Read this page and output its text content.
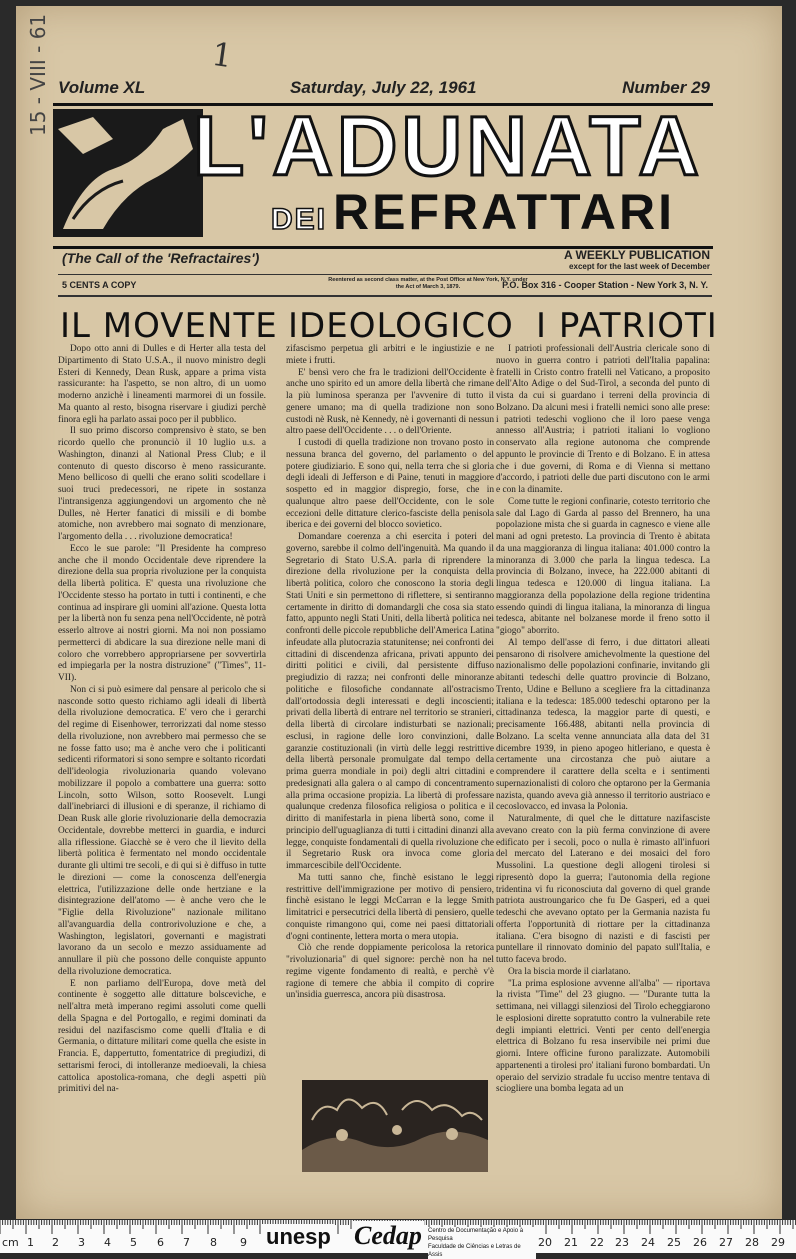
1
15 - VIII - 61 Volume XL	Saturday, July 22, 1961	Number 29
L'ADUNATA
DEI REFRATTARI
(The Call of the 'Refractaires')	A WEEKLY PUBLICATION
except for the last week of December
5 CENTS A COPY	Reentered as second class matter, at the Post Office at New York, N.Y. under the Act of March 3, 1879.	P.O. Box 316 - Cooper Station - New York 3, N. Y.
IL MOVENTE IDEOLOGICO I PATRIOTI

Dopo otto anni di Dulles e di Herter alla testa del Dipartimento di Stato U.S.A., il nuovo ministro degli Esteri di Kennedy, Dean Rusk, appare a prima vista rassicurante: ha l'aspetto, se non altro, di un uomo moderno anzichè i lineamenti marmorei di un fossile. Ma quanto al resto, bisogna riservare i giudizi perchè finora egli ha parlato assai poco per il pubblico.

Il suo primo discorso comprensivo è stato, se ben ricordo quello che pronunciò il 10 luglio u.s. a Washington, dinanzi al National Press Club; e il contenuto di questo discorso è meno rassicurante. Meno bellicoso di quelli che erano soliti scodellare i suoi truci predecessori, ne ripete in sostanza l'intransigenza aggiungendovi un argomento che nè Dulles, nè Herter fanatici di missili e di bombe atomiche, non avrebbero mai sognato di menzionare, l'argomento della . . . rivoluzione democratica!

Ecco le sue parole: "Il Presidente ha compreso anche che il mondo Occidentale deve riprendere la direzione della sua propria rivoluzione per la conquista della libertà politica. E' questa una rivoluzione che l'Occidente stesso ha portato in tutti i continenti, e che continua ad inspirare gli uomini all'azione. Questa lotta per la libertà non fu senza pena nell'Occidente, nè potrà esserlo altrove ai nostri giorni. Ma noi non possiamo permetterci di abdicare la sua direzione nelle mani di coloro che vorrebbero appropriarsene per sovvertirla ed impiegarla per la nostra distruzione" ("Times", 11-VII).

Non ci si può esimere dal pensare al pericolo che si nasconde sotto questo richiamo agli ideali di libertà della rivoluzione democratica. E' vero che i gerarchi del regime di Eisenhower, terrorizzati dal nome stesso della rivoluzione, non avrebbero mai permesso che se ne fosse fatto uso; ma è anche vero che i politicanti sedicenti riformatori si sono sempre e soltanto ricordati dell'ideologia rivoluzionaria quando volevano mobilizzare il popolo a combattere una guerra: sotto Lincoln, sotto Wilson, sotto Roosevelt. Lungi dall'inebriarci di illusioni e di speranze, il richiamo di Dean Rusk alle glorie rivoluzionarie della democrazia Occidentale, dovrebbe metterci in guardia, e indurci alla riflessione. Giacchè se è vero che il lievito della libertà politica è fermentato nel mondo occidentale durante gli ultimi tre secoli, e di qui si è diffuso in tutte le direzioni — come la conoscenza dell'energia elettrica, l'utilizzazione delle onde hertziane e la disintegrazione dell'atomo — è anche vero che le "Figlie della Rivoluzione" nazionale militano all'avanguardia della controrivoluzione e che, a Washington, legislatori, governanti e magistrati lavorano da un secolo e mezzo assiduamente ad annullare il più che possono delle conquiste appunto della rivoluzione democratica.

E non parliamo dell'Europa, dove metà del continente è soggetto alle dittature bolsceviche, e nell'altra metà imperano regimi assoluti come quelli della Spagna e del Portogallo, e regimi dominati da residui del nazifascismo come quelli d'Italia e di Germania, o dittature militari come quella che esiste in Francia. E, dappertutto, fomentatrice di pregiudizi, di settarismi feroci, di intolleranze medioevali, la chiesa cattolica apostolica-romana, che degli aspetti più primitivi del na-

zifascismo perpetua gli arbitri e le ingiustizie e ne miete i frutti.

E' bensì vero che fra le tradizioni dell'Occidente è anche uno spirito ed un amore della libertà che rimane la più luminosa speranza per l'avvenire di tutto il genere umano; ma di quella tradizione non sono custodi nè Rusk, nè Kennedy, nè i governanti di nessun altro paese dell'Occidente . . . o dell'Oriente.

I custodi di quella tradizione non trovano posto in nessuna branca del governo, del parlamento o del potere giudiziario. E sono qui, nella terra che si gloria degli ideali di Jefferson e di Paine, tenuti in maggiore sospetto ed in maggior dispregio, forse, che in qualunque altro paese dell'Occidente, con le sole eccezioni delle dittature clerico-fasciste della penisola iberica e dei governi del blocco sovietico.

Domandare coerenza a chi esercita i poteri del governo, sarebbe il colmo dell'ingenuità. Ma quando il Segretario di Stato U.S.A. parla di riprendere la direzione della rivoluzione per la conquista della libertà politica, coloro che conoscono la storia degli Stati Uniti e sin permettono di riflettere, si sentiranno certamente in diritto di domandargli che cosa sia stato fatto, appunto negli Stati Uniti, della libertà politica nei confronti delle piccole repubbliche dell'America Latina infeudate alla plutocrazia statunitense; nei confronti dei cittadini di discendenza africana, privati appunto dei diritti politici e civili, dal persistente diffuso pregiudizio di razza; nei confronti delle minoranze politiche e filosofiche condannate all'ostracismo dall'ortodossia degli interessati e degli incoscienti; privati della libertà di entrare nel territorio se stranieri, della libertà di circolare indisturbati se nazionali; esclusi, in ragione delle loro convinzioni, dalle garanzie costituzionali (in virtù delle leggi restrittive della libertà personale promulgate dal tempo della prima guerra mondiale in poi) degli altri cittadini e predesignati alla galera o al campo di concentramento alla prima occasione propizia. La libertà di professare qualunque credenza filosofica religiosa o politica e il diritto di manifestarla in piena libertà sono, come il principio dell'uguaglianza di tutti i cittadini dinanzi alla legge, conquiste fondamentali di quella rivoluzione che il Segretario Rusk ora invoca come gloria immarcescibile dell'Occidente.

Ma tutti sanno che, finchè esistano le leggi restrittive dell'immigrazione per motivo di pensiero, finchè esistano le leggi McCarran e la legge Smith limitatrici e persecutrici della libertà di pensiero, quelle conquiste rimangono qui, come nei paesi dittatoriali d'ogni continente, lettera morta o mera utopia.

Ciò che rende doppiamente pericolosa la retorica "rivoluzionaria" di quel signore: perchè non ha nel regime vigente fondamento di realtà, e perchè v'è ragione di temere che abbia il compito di coprire un'insidia guerresca, ancora più disastrosa.

I patrioti professionali dell'Austria clericale sono di nuovo in guerra contro i patrioti dell'Italia papalina: fratelli in Cristo contro fratelli nel Vaticano, a proposito dell'Alto Adige o del Sud-Tirol, a seconda del punto di vista da cui si guardano i terreni della provincia di Bolzano. Da alcuni mesi i fratelli nemici sono alle prese: i patrioti tedeschi vogliono che il loro paese venga annesso all'Austria; i patrioti italiani lo vogliono conservato alla regione autonoma che comprende appunto le provincie di Trento e di Bolzano. E in attesa che i due governi, di Roma e di Vienna si mettano d'accordo, i patrioti delle due parti discutono con le armi e con la dinamite.

Come tutte le regioni confinarie, cotesto territorio che sale dal Lago di Garda al passo del Brennero, ha una popolazione mista che si guarda in cagnesco e viene alle mani ad ogni pretesto. La provincia di Trento è abitata da una maggioranza di lingua italiana: 401.000 contro la minoranza di 3.000 che parla la lingua tedesca. La provincia di Bolzano, invece, ha 222.000 abitanti di lingua tedesca e 120.000 di lingua italiana. La maggioranza della popolazione della regione tridentina essendo quindi di lingua italiana, la minoranza di lingua tedesca, abitante nel bolzanese morde il freno sotto il "giogo" aborrito.

Al tempo dell'asse di ferro, i due dittatori alleati pensarono di risolvere amichevolmente la questione del nazionalismo delle popolazioni confinarie, invitando gli abitanti tedeschi delle quattro provincie di Bolzano, Trento, Udine e Belluno a scegliere fra la cittadinanza italiana e la tedesca: 185.000 tedeschi optarono per la cittadinanza tedesca, la maggior parte di questi, e precisamente 166.488, abitanti nella provincia di Bolzano. La scelta venne annunciata alla data del 31 dicembre 1939, in pieno apogeo hitleriano, e questa è certamente una circostanza che può aiutare a comprendere il carattere della scelta e i sentimenti supernazionalisti di coloro che optarono per la Germania nazista, quando aveva già annesso il territorio austriaco e cecoslovacco, ed invasa la Polonia.

Naturalmente, di quel che le dittature nazifasciste avevano creato con la più ferma convinzione di avere edificato per i secoli, poco o nulla è rimasto all'infuori del mercato del Laterano e dei mosaici del foro Mussolini. La questione degli allogeni tirolesi si ripresentò dopo la guerra; l'autonomia della regione tridentina vi fu riconosciuta dal governo di quel grande patriota austroungarico che fu De Gasperi, ed a quei tedeschi che avevano optato per la Germania nazista fu offerta l'opportunità di riottare per la cittadinanza italiana. C'era bisogno di nazisti e di fascisti per puntellare il rinnovato dominio del papato sull'Italia, e tutto faceva brodo.

Ora la biscia morde il ciarlatano.

"La prima esplosione avvenne all'alba" — riportava la rivista "Time" del 23 giugno. — "Durante tutta la settimana, nei villaggi silenziosi del Tirolo echeggiarono le esplosioni dirette sopratutto contro la vulnerabile rete degli impianti elettrici. Venti per cento dell'energia elettrica di Bolzano fu resa inservibile nei primi due giorni. Intere officine furono paralizzate. Automobili appartenenti a tirolesi pro' italiani furono bombardati. Un operaio del servizio stradale fu ucciso mentre tentava di sciogliere una bomba legata ad un

cm 1 2 3 4 5 6 7 8 9	20 21 22 23 24 25 26 27 28 29
unesp Cedap	Centro de Documentação e Apoio à Pesquisa
Faculdade de Ciências e Letras de Assis
